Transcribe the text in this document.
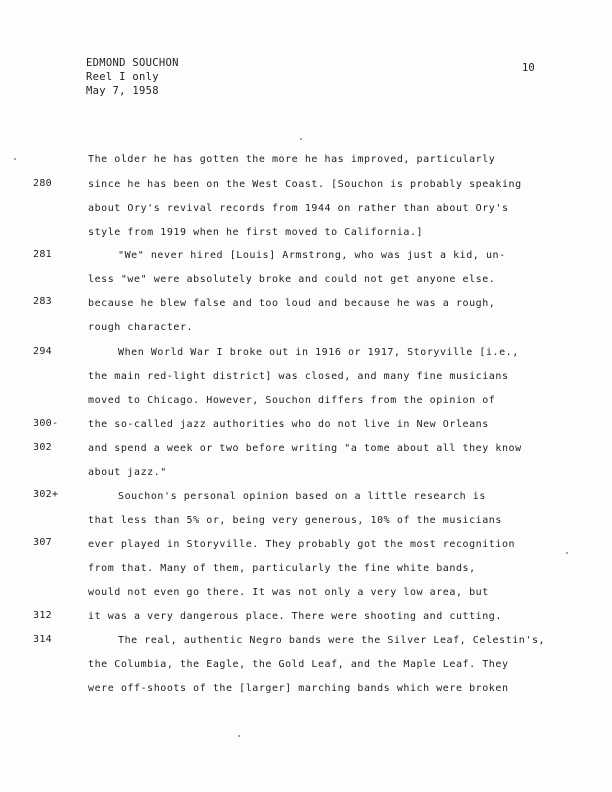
EDMOND SOUCHON
Reel I only
May 7, 1958
10
280
281
283
294
300-
302
302+
307
312
314
The older he has gotten the more he has improved, particularly
since he has been on the West Coast. [Souchon is probably speaking
about Ory's revival records from 1944 on rather than about Ory's
style from 1919 when he first moved to California.]
"We" never hired [Louis] Armstrong, who was just a kid, un-
less "we" were absolutely broke and could not get anyone else.
because he blew false and too loud and because he was a rough,
rough character.
When World War I broke out in 1916 or 1917, Storyville [i.e.,
the main red-light district] was closed, and many fine musicians
moved to Chicago. However, Souchon differs from the opinion of
the so-called jazz authorities who do not live in New Orleans
and spend a week or two before writing "a tome about all they know
about jazz."
Souchon's personal opinion based on a little research is
that less than 5% or, being very generous, 10% of the musicians
ever played in Storyville. They probably got the most recognition
from that. Many of them, particularly the fine white bands,
would not even go there. It was not only a very low area, but
it was a very dangerous place. There were shooting and cutting.
The real, authentic Negro bands were the Silver Leaf, Celestin's,
the Columbia, the Eagle, the Gold Leaf, and the Maple Leaf. They
were off-shoots of the [larger] marching bands which were broken
